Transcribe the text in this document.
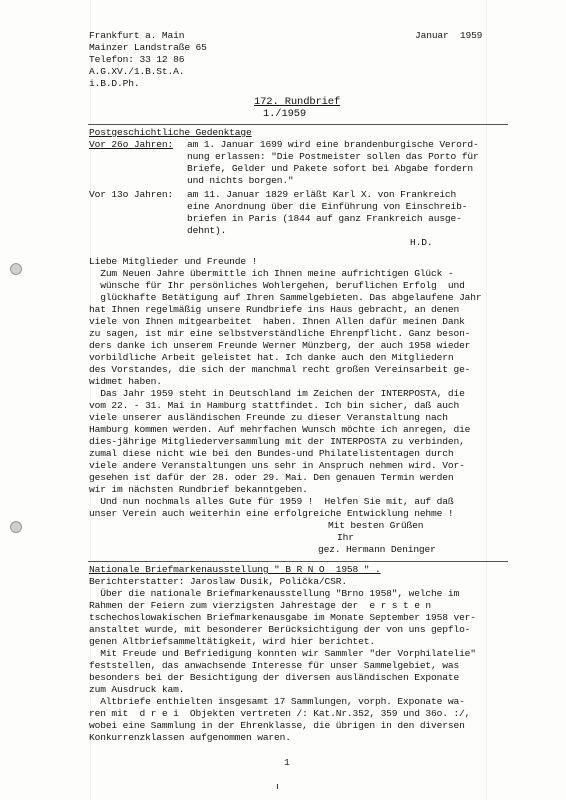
Frankfurt a. Main
Mainzer Landstraße 65
Telefon: 33 12 86
A.G.XV./1.B.St.A.
i.B.D.Ph.
Januar  1959
172. Rundbrief
1./1959
Postgeschichtliche Gedenktage
Vor 26o Jahren: am 1. Januar 1699 wird eine brandenburgische Verord-
nung erlassen: "Die Postmeister sollen das Porto für
Briefe, Gelder und Pakete sofort bei Abgabe fordern
und nichts borgen."
Vor 13o Jahren: am 11. Januar 1829 erläßt Karl X. von Frankreich
eine Anordnung über die Einführung von Einschreib-
briefen in Paris (1844 auf ganz Frankreich ausge-
dehnt).
H.D.
Liebe Mitglieder und Freunde !
Zum Neuen Jahre übermittle ich Ihnen meine aufrichtigen Glück -
wünsche für Ihr persönliches Wohlergehen, beruflichen Erfolg  und
glückhafte Betätigung auf Ihren Sammelgebieten. Das abgelaufene Jahr
hat Ihnen regelmäßig unsere Rundbriefe ins Haus gebracht, an denen
viele von Ihnen mitgearbeitet  haben. Ihnen Allen dafür meinen Dank
zu sagen, ist mir eine selbstverständliche Ehrenpflicht. Ganz beson-
ders danke ich unserem Freunde Werner Münzberg, der auch 1958 wieder
vorbildliche Arbeit geleistet hat. Ich danke auch den Mitgliedern
des Vorstandes, die sich der manchmal recht großen Vereinsarbeit ge-
widmet haben.
Das Jahr 1959 steht in Deutschland im Zeichen der INTERPOSTA, die
vom 22. - 31. Mai in Hamburg stattfindet. Ich bin sicher, daß auch
viele unserer ausländischen Freunde zu dieser Veranstaltung nach
Hamburg kommen werden. Auf mehrfachen Wunsch möchte ich anregen, die
dies-jährige Mitgliederversammlung mit der INTERPOSTA zu verbinden,
zumal diese nicht wie bei den Bundes-und Philatelistentagen durch
viele andere Veranstaltungen uns sehr in Anspruch nehmen wird. Vor-
gesehen ist dafür der 28. oder 29. Mai. Den genauen Termin werden
wir im nächsten Rundbrief bekanntgeben.
Und nun nochmals alles Gute für 1959 !  Helfen Sie mit, auf daß
unser Verein auch weiterhin eine erfolgreiche Entwicklung nehme !
Mit besten Grüßen
Ihr
gez. Hermann Deninger
Nationale Briefmarkenausstellung " B R N O  1958 " .
Berichterstatter: Jaroslaw Dusik, Polička/CSR.
Über die nationale Briefmarkenausstellung "Brno 1958", welche im
Rahmen der Feiern zum vierzigsten Jahrestage der  e r s t e n
tschechoslowakischen Briefmarkenausgabe im Monate September 1958 ver-
anstaltet wurde, mit besonderer Berücksichtigung der von uns gepflo-
genen Altbriefsammeltätigkeit, wird hier berichtet.
Mit Freude und Befriedigung konnten wir Sammler "der Vorphilatelie"
feststellen, das anwachsende Interesse für unser Sammelgebiet, was
besonders bei der Besichtigung der diversen ausländischen Exponate
zum Ausdruck kam.
Altbriefe enthielten insgesamt 17 Sammlungen, vorph. Exponate wa-
ren mit  d r e i  Objekten vertreten /: Kat.Nr.352, 359 und 36o. :/,
wobei eine Sammlung in der Ehrenklasse, die übrigen in den diversen
Konkurrenzklassen aufgenommen waren.
1
